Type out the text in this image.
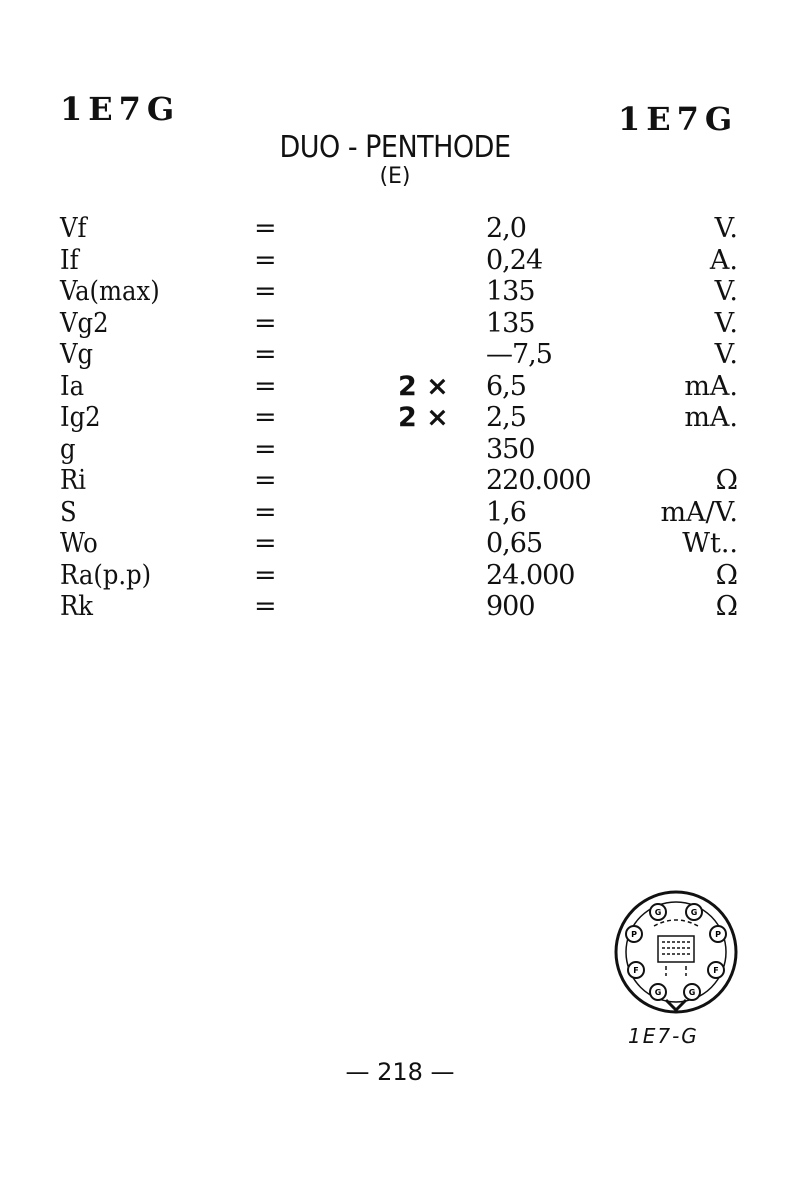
1E7G	1E7G
DUO - PENTHODE
(E)
Vf	=	2,0	V.
If	=	0,24	A.
Va(max)	=	135	V.
Vg2	=	135	V.
Vg	=	—7,5	V.
Ia	=	2 × 6,5	mA.
Ig2	=	2 × 2,5	mA.
g	=	350
Ri	=	220.000	Ω
S	=	1,6	mA/V.
Wo	=	0,65	Wt..
Ra(p.p)	=	24.000	Ω
Rk	=	900	Ω
G	G
P	P
F	F
G	G
1E7-G
— 218 —
